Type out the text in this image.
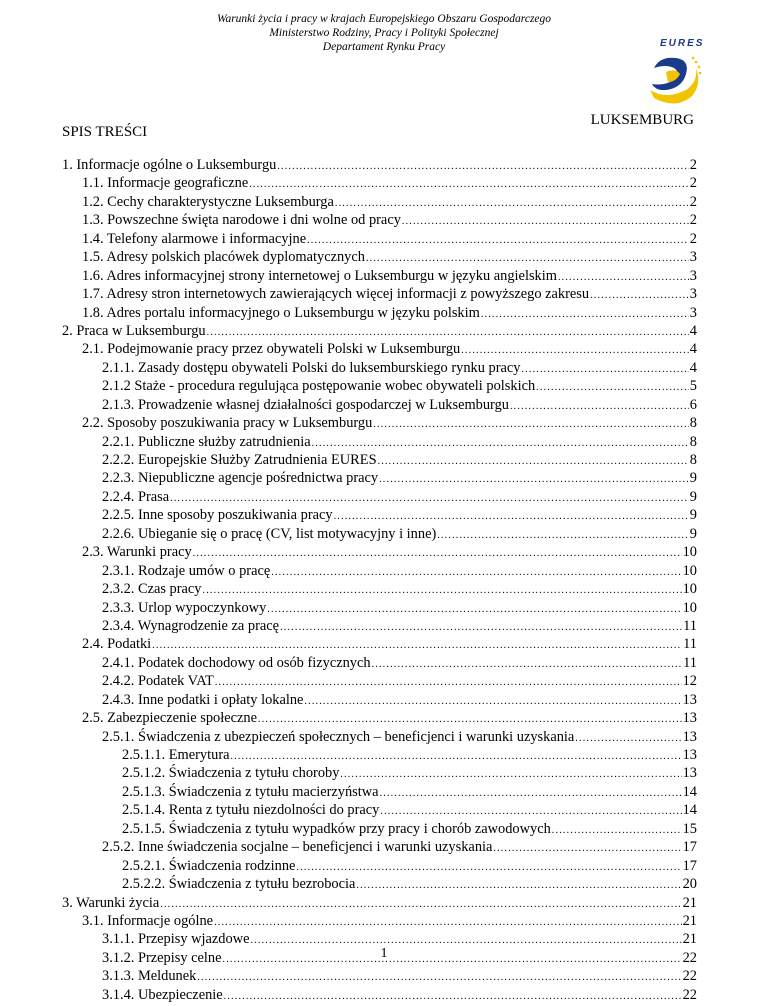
Warunki życia i pracy w krajach Europejskiego Obszaru Gospodarczego
Ministerstwo Rodziny, Pracy i Polityki Społecznej
Departament Rynku Pracy	EURES
LUKSEMBURG
SPIS TREŚCI
1. Informacje ogólne o Luksemburgu .....	2
1.1. Informacje geograficzne .....	2
1.2. Cechy charakterystyczne Luksemburga .....	2
1.3. Powszechne święta narodowe i dni wolne od pracy .....	2
1.4. Telefony alarmowe i informacyjne .....	2
1.5. Adresy polskich placówek dyplomatycznych .....	3
1.6. Adres informacyjnej strony internetowej o Luksemburgu w języku angielskim .....	3
1.7. Adresy stron internetowych zawierających więcej informacji z powyższego zakresu .....	3
1.8. Adres portalu informacyjnego o Luksemburgu w języku polskim .....	3
2. Praca w Luksemburgu .....	4
2.1. Podejmowanie pracy przez obywateli Polski w Luksemburgu .....	4
2.1.1. Zasady dostępu obywateli Polski do luksemburskiego rynku pracy .....	4
2.1.2 Staże - procedura regulująca postępowanie wobec obywateli polskich .....	5
2.1.3. Prowadzenie własnej działalności gospodarczej w Luksemburgu .....	6
2.2. Sposoby poszukiwania pracy w Luksemburgu .....	8
2.2.1. Publiczne służby zatrudnienia .....	8
2.2.2. Europejskie Służby Zatrudnienia EURES .....	8
2.2.3. Niepubliczne agencje pośrednictwa pracy .....	9
2.2.4. Prasa .....	9
2.2.5. Inne sposoby poszukiwania pracy .....	9
2.2.6. Ubieganie się o pracę (CV, list motywacyjny i inne) .....	9
2.3. Warunki pracy .....	10
2.3.1. Rodzaje umów o pracę .....	10
2.3.2. Czas pracy .....	10
2.3.3. Urlop wypoczynkowy .....	10
2.3.4. Wynagrodzenie za pracę .....	11
2.4. Podatki .....	11
2.4.1. Podatek dochodowy od osób fizycznych .....	11
2.4.2. Podatek VAT .....	12
2.4.3. Inne podatki i opłaty lokalne .....	13
2.5. Zabezpieczenie społeczne .....	13
2.5.1. Świadczenia z ubezpieczeń społecznych – beneficjenci i warunki uzyskania .....	13
2.5.1.1. Emerytura .....	13
2.5.1.2. Świadczenia z tytułu choroby .....	13
2.5.1.3. Świadczenia z tytułu macierzyństwa .....	14
2.5.1.4. Renta z tytułu niezdolności do pracy .....	14
2.5.1.5. Świadczenia z tytułu wypadków przy pracy i chorób zawodowych .....	15
2.5.2. Inne świadczenia socjalne – beneficjenci i warunki uzyskania .....	17
2.5.2.1. Świadczenia rodzinne .....	17
2.5.2.2. Świadczenia z tytułu bezrobocia .....	20
3. Warunki życia .....	21
3.1. Informacje ogólne .....	21
3.1.1. Przepisy wjazdowe .....	21
3.1.2. Przepisy celne .....	22
3.1.3. Meldunek .....	22
3.1.4. Ubezpieczenie .....	22
1
